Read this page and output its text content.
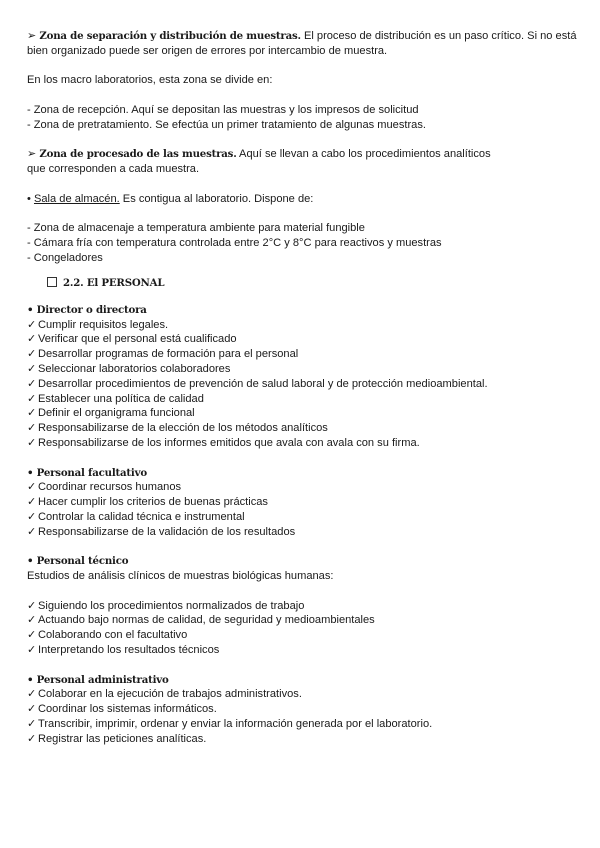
➢ Zona de separación y distribución de muestras. El proceso de distribución es un paso crítico. Si no está
bien organizado puede ser origen de errores por intercambio de muestra.
En los macro laboratorios, esta zona se divide en:
- Zona de recepción. Aquí se depositan las muestras y los impresos de solicitud
- Zona de pretratamiento. Se efectúa un primer tratamiento de algunas muestras.
➢ Zona de procesado de las muestras. Aquí se llevan a cabo los procedimientos analíticos
que corresponden a cada muestra.
• Sala de almacén. Es contigua al laboratorio. Dispone de:
- Zona de almacenaje a temperatura ambiente para material fungible
- Cámara fría con temperatura controlada entre 2°C y 8°C para reactivos y muestras
- Congeladores
2.2. El PERSONAL
• Director o directora
✓ Cumplir requisitos legales.
✓ Verificar que el personal está cualificado
✓ Desarrollar programas de formación para el personal
✓ Seleccionar laboratorios colaboradores
✓ Desarrollar procedimientos de prevención de salud laboral y de protección medioambiental.
✓ Establecer una política de calidad
✓ Definir el organigrama funcional
✓ Responsabilizarse de la elección de los métodos analíticos
✓ Responsabilizarse de los informes emitidos que avala con avala con su firma.
• Personal facultativo
✓ Coordinar recursos humanos
✓ Hacer cumplir los criterios de buenas prácticas
✓ Controlar la calidad técnica e instrumental
✓ Responsabilizarse de la validación de los resultados
• Personal técnico
Estudios de análisis clínicos de muestras biológicas humanas:
✓ Siguiendo los procedimientos normalizados de trabajo
✓ Actuando bajo normas de calidad, de seguridad y medioambientales
✓ Colaborando con el facultativo
✓ Interpretando los resultados técnicos
• Personal administrativo
✓ Colaborar en la ejecución de trabajos administrativos.
✓ Coordinar los sistemas informáticos.
✓ Transcribir, imprimir, ordenar y enviar la información generada por el laboratorio.
✓ Registrar las peticiones analíticas.
